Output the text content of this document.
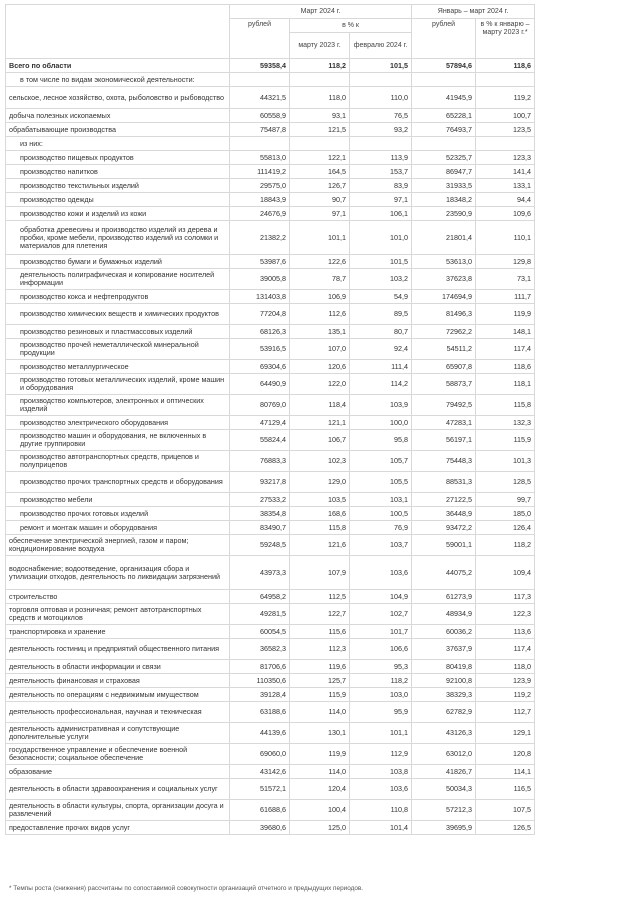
	Март 2024 г.			Январь – март 2024 г.	
	рублей	в % к		рублей	в % к январю – марту 2023 г.*
		марту 2023 г.	февралю 2024 г.		
Всего по области	59358,4	118,2	101,5	57894,6	118,6
в том числе по видам экономической деятельности:					
сельское, лесное хозяйство, охота, рыболовство и рыбоводство	44321,5	118,0	110,0	41945,9	119,2
добыча полезных ископаемых	60558,9	93,1	76,5	65228,1	100,7
обрабатывающие производства	75487,8	121,5	93,2	76493,7	123,5
из них:					
производство пищевых продуктов	55813,0	122,1	113,9	52325,7	123,3
производство напитков	111419,2	164,5	153,7	86947,7	141,4
производство текстильных изделий	29575,0	126,7	83,9	31933,5	133,1
производство одежды	18843,9	90,7	97,1	18348,2	94,4
производство кожи и изделий из кожи	24676,9	97,1	106,1	23590,9	109,6
обработка древесины и производство изделий из дерева и пробки, кроме мебели, производство изделий из соломки и материалов для плетения	21382,2	101,1	101,0	21801,4	110,1
производство бумаги и бумажных изделий	53987,6	122,6	101,5	53613,0	129,8
деятельность полиграфическая и копирование носителей информации	39005,8	78,7	103,2	37623,8	73,1
производство кокса и нефтепродуктов	131403,8	106,9	54,9	174694,9	111,7
производство химических веществ и химических продуктов	77204,8	112,6	89,5	81496,3	119,9
производство резиновых и пластмассовых изделий	68126,3	135,1	80,7	72962,2	148,1
производство прочей неметаллической минеральной продукции	53916,5	107,0	92,4	54511,2	117,4
производство металлургическое	69304,6	120,6	111,4	65907,8	118,6
производство готовых металлических изделий, кроме машин и оборудования	64490,9	122,0	114,2	58873,7	118,1
производство компьютеров, электронных и оптических изделий	80769,0	118,4	103,9	79492,5	115,8
производство электрического оборудования	47129,4	121,1	100,0	47283,1	132,3
производство машин и оборудования, не включенных в другие группировки	55824,4	106,7	95,8	56197,1	115,9
производство автотранспортных средств, прицепов и полуприцепов	76883,3	102,3	105,7	75448,3	101,3
производство прочих транспортных средств и оборудования	93217,8	129,0	105,5	88531,3	128,5
производство мебели	27533,2	103,5	103,1	27122,5	99,7
производство прочих готовых изделий	38354,8	168,6	100,5	36448,9	185,0
ремонт и монтаж машин и оборудования	83490,7	115,8	76,9	93472,2	126,4
обеспечение электрической энергией, газом и паром; кондиционирование воздуха	59248,5	121,6	103,7	59001,1	118,2
водоснабжение; водоотведение, организация сбора и утилизации отходов, деятельность по ликвидации загрязнений	43973,3	107,9	103,6	44075,2	109,4
строительство	64958,2	112,5	104,9	61273,9	117,3
торговля оптовая и розничная; ремонт автотранспортных средств и мотоциклов	49281,5	122,7	102,7	48934,9	122,3
транспортировка и хранение	60054,5	115,6	101,7	60036,2	113,6
деятельность гостиниц и предприятий общественного питания	36582,3	112,3	106,6	37637,9	117,4
деятельность в области информации и связи	81706,6	119,6	95,3	80419,8	118,0
деятельность финансовая и страховая	110350,6	125,7	118,2	92100,8	123,9
деятельность по операциям с недвижимым имуществом	39128,4	115,9	103,0	38329,3	119,2
деятельность профессиональная, научная и техническая	63188,6	114,0	95,9	62782,9	112,7
деятельность административная и сопутствующие дополнительные услуги	44139,6	130,1	101,1	43126,3	129,1
государственное управление и обеспечение военной безопасности; социальное обеспечение	69060,0	119,9	112,9	63012,0	120,8
образование	43142,6	114,0	103,8	41826,7	114,1
деятельность в области здравоохранения и социальных услуг	51572,1	120,4	103,6	50034,3	116,5
деятельность в области культуры, спорта, организации досуга и развлечений	61688,6	100,4	110,8	57212,3	107,5
предоставление прочих видов услуг	39680,6	125,0	101,4	39695,9	126,5
* Темпы роста (снижения) рассчитаны по сопоставимой совокупности организаций отчетного и предыдущих периодов.
